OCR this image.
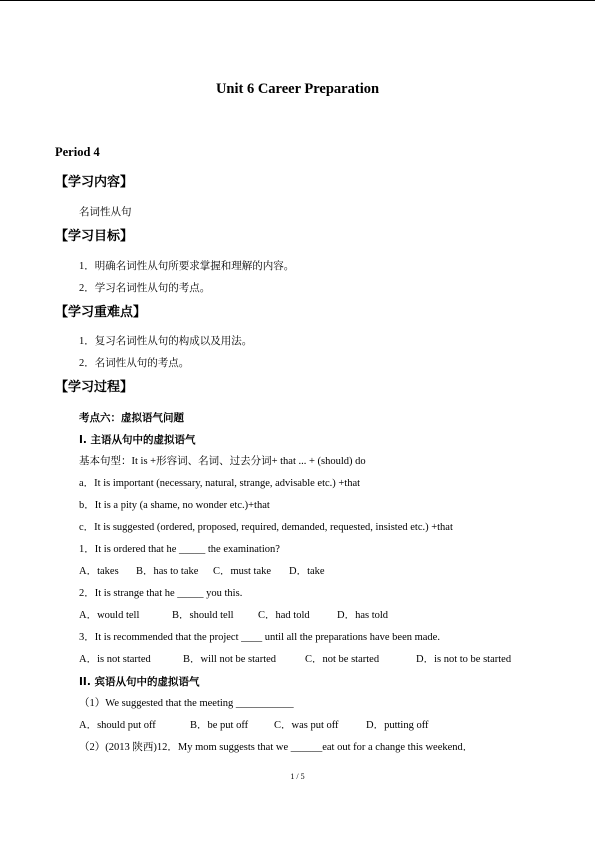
Unit 6 Career Preparation
Period 4
【学习内容】
名词性从句
【学习目标】
1．明确名词性从句所要求掌握和理解的内容。
2．学习名词性从句的考点。
【学习重难点】
1．复习名词性从句的构成以及用法。
2．名词性从句的考点。
【学习过程】
考点六：虚拟语气问题
I. 主语从句中的虚拟语气
基本句型：It is +形容词、名词、过去分词+ that ... + (should) do
a．It is important (necessary, natural, strange, advisable etc.) +that
b．It is a pity (a shame, no wonder etc.)+that
c．It is suggested (ordered, proposed, required, demanded, requested, insisted etc.) +that
1．It is ordered that he _____ the examination?
A．takes B．has to take C．must take D．take
2．It is strange that he _____ you this.
A．would tell	B．should tell C．had told	D．has told
3．It is recommended that the project ____ until all the preparations have been made.
A．is not started	B．will not be started	C．not be started	D．is not to be started
II. 宾语从句中的虚拟语气
（1）We suggested that the meeting ___________
A．should put off	B．be put off C．was put off	D．putting off
（2）(2013 陕西)12．My mom suggests that we ______eat out for a change this weekend．
1 / 5
